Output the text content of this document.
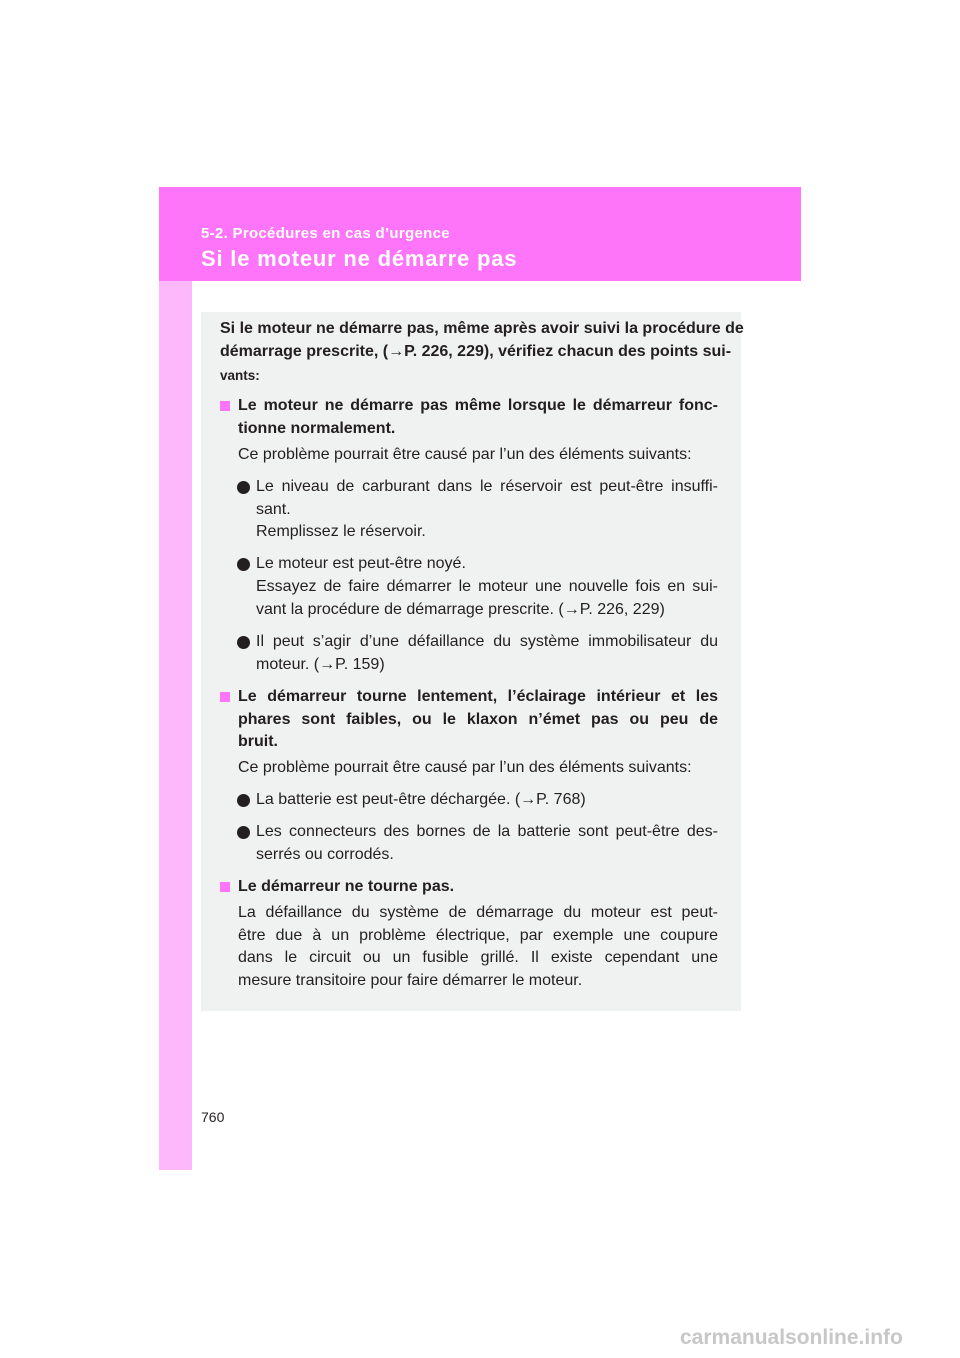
5-2. Procédures en cas d’urgence
Si le moteur ne démarre pas

Si le moteur ne démarre pas, même après avoir suivi la procédure de

démarrage prescrite, (→P. 226, 229), vérifiez chacun des points sui-

vants:

Le moteur ne démarre pas même lorsque le démarreur fonc-

tionne normalement.

Ce problème pourrait être causé par l’un des éléments suivants:

Le niveau de carburant dans le réservoir est peut-être insuffi-

sant.

Remplissez le réservoir.

Le moteur est peut-être noyé.

Essayez de faire démarrer le moteur une nouvelle fois en sui-

vant la procédure de démarrage prescrite. (→P. 226, 229)

Il peut s’agir d’une défaillance du système immobilisateur du

moteur. (→P. 159)

Le démarreur tourne lentement, l’éclairage intérieur et les

phares sont faibles, ou le klaxon n’émet pas ou peu de

bruit.

Ce problème pourrait être causé par l’un des éléments suivants:

La batterie est peut-être déchargée. (→P. 768)

Les connecteurs des bornes de la batterie sont peut-être des-

serrés ou corrodés.

Le démarreur ne tourne pas.

La défaillance du système de démarrage du moteur est peut-

être due à un problème électrique, par exemple une coupure

dans le circuit ou un fusible grillé. Il existe cependant une

mesure transitoire pour faire démarrer le moteur.

760
carmanualsonline.info
